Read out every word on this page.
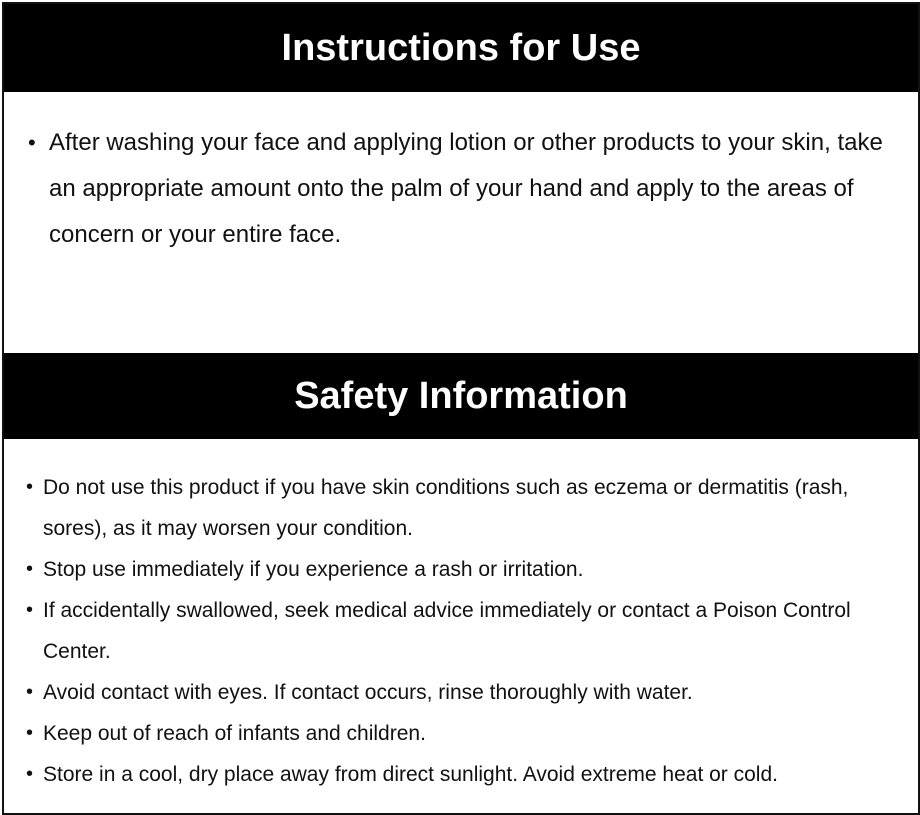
Instructions for Use
• After washing your face and applying lotion or other products to your skin, take an appropriate amount onto the palm of your hand and apply to the areas of concern or your entire face.
Safety Information
• Do not use this product if you have skin conditions such as eczema or dermatitis (rash, sores), as it may worsen your condition.
• Stop use immediately if you experience a rash or irritation.
• If accidentally swallowed, seek medical advice immediately or contact a Poison Control Center.
• Avoid contact with eyes. If contact occurs, rinse thoroughly with water.
• Keep out of reach of infants and children.
• Store in a cool, dry place away from direct sunlight. Avoid extreme heat or cold.
